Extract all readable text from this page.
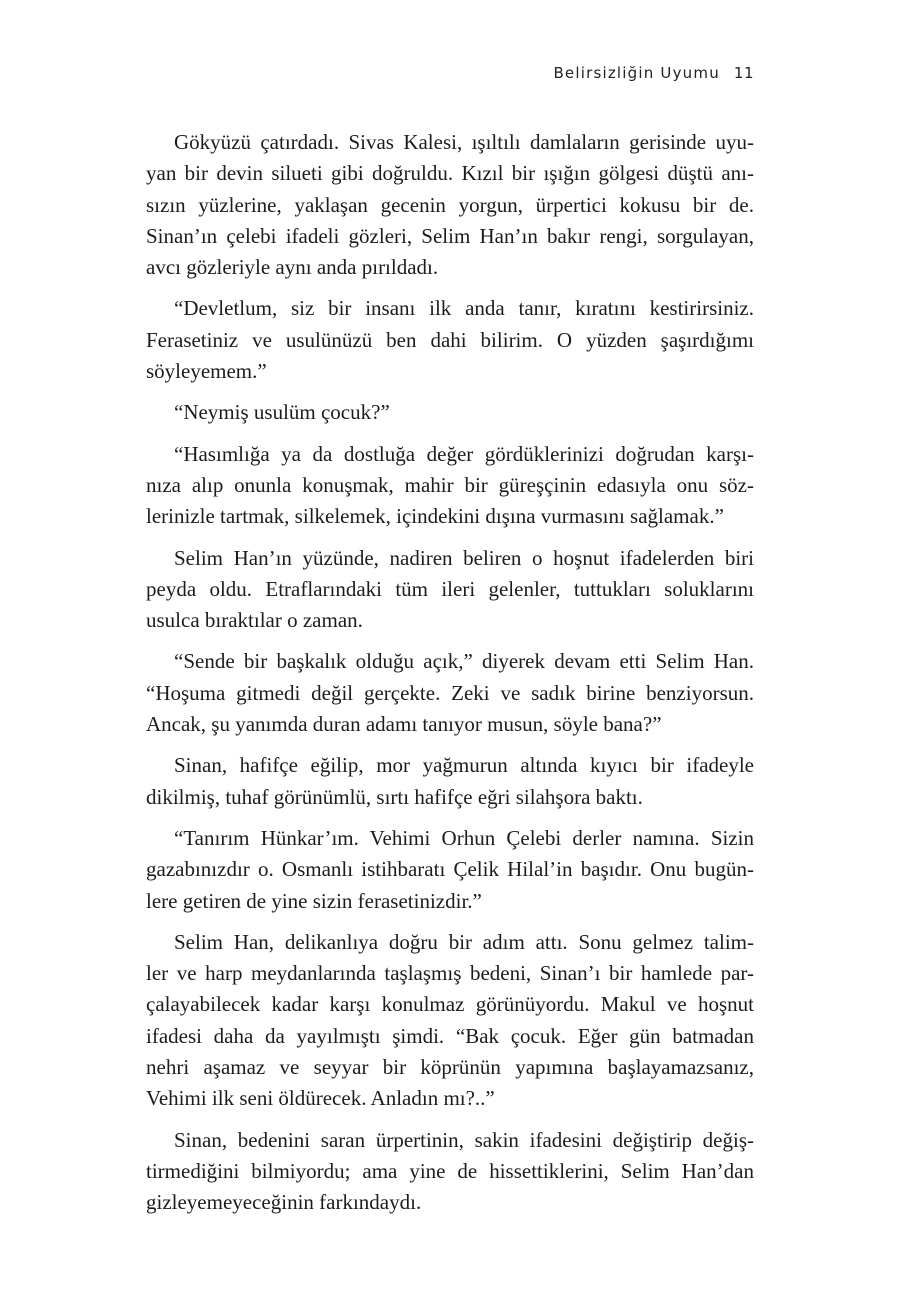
Belirsizliğin Uyumu 11
Gökyüzü çatırdadı. Sivas Kalesi, ışıltılı damlaların gerisinde uyu-
yan bir devin silueti gibi doğruldu. Kızıl bir ışığın gölgesi düştü anı-
sızın yüzlerine, yaklaşan gecenin yorgun, ürpertici kokusu bir de.
Sinan’ın çelebi ifadeli gözleri, Selim Han’ın bakır rengi, sorgulayan,
avcı gözleriyle aynı anda pırıldadı.
“Devletlum, siz bir insanı ilk anda tanır, kıratını kestirirsiniz.
Ferasetiniz ve usulünüzü ben dahi bilirim. O yüzden şaşırdığımı
söyleyemem.”
“Neymiş usulüm çocuk?”
“Hasımlığa ya da dostluğa değer gördüklerinizi doğrudan karşı-
nıza alıp onunla konuşmak, mahir bir güreşçinin edasıyla onu söz-
lerinizle tartmak, silkelemek, içindekini dışına vurmasını sağlamak.”
Selim Han’ın yüzünde, nadiren beliren o hoşnut ifadelerden biri
peyda oldu. Etraflarındaki tüm ileri gelenler, tuttukları soluklarını
usulca bıraktılar o zaman.
“Sende bir başkalık olduğu açık,” diyerek devam etti Selim Han.
“Hoşuma gitmedi değil gerçekte. Zeki ve sadık birine benziyorsun.
Ancak, şu yanımda duran adamı tanıyor musun, söyle bana?”
Sinan, hafifçe eğilip, mor yağmurun altında kıyıcı bir ifadeyle
dikilmiş, tuhaf görünümlü, sırtı hafifçe eğri silahşora baktı.
“Tanırım Hünkar’ım. Vehimi Orhun Çelebi derler namına. Sizin
gazabınızdır o. Osmanlı istihbaratı Çelik Hilal’in başıdır. Onu bugün-
lere getiren de yine sizin ferasetinizdir.”
Selim Han, delikanlıya doğru bir adım attı. Sonu gelmez talim-
ler ve harp meydanlarında taşlaşmış bedeni, Sinan’ı bir hamlede par-
çalayabilecek kadar karşı konulmaz görünüyordu. Makul ve hoşnut
ifadesi daha da yayılmıştı şimdi. “Bak çocuk. Eğer gün batmadan
nehri aşamaz ve seyyar bir köprünün yapımına başlayamazsanız,
Vehimi ilk seni öldürecek. Anladın mı?..”
Sinan, bedenini saran ürpertinin, sakin ifadesini değiştirip değiş-
tirmediğini bilmiyordu; ama yine de hissettiklerini, Selim Han’dan
gizleyemeyeceğinin farkındaydı.
